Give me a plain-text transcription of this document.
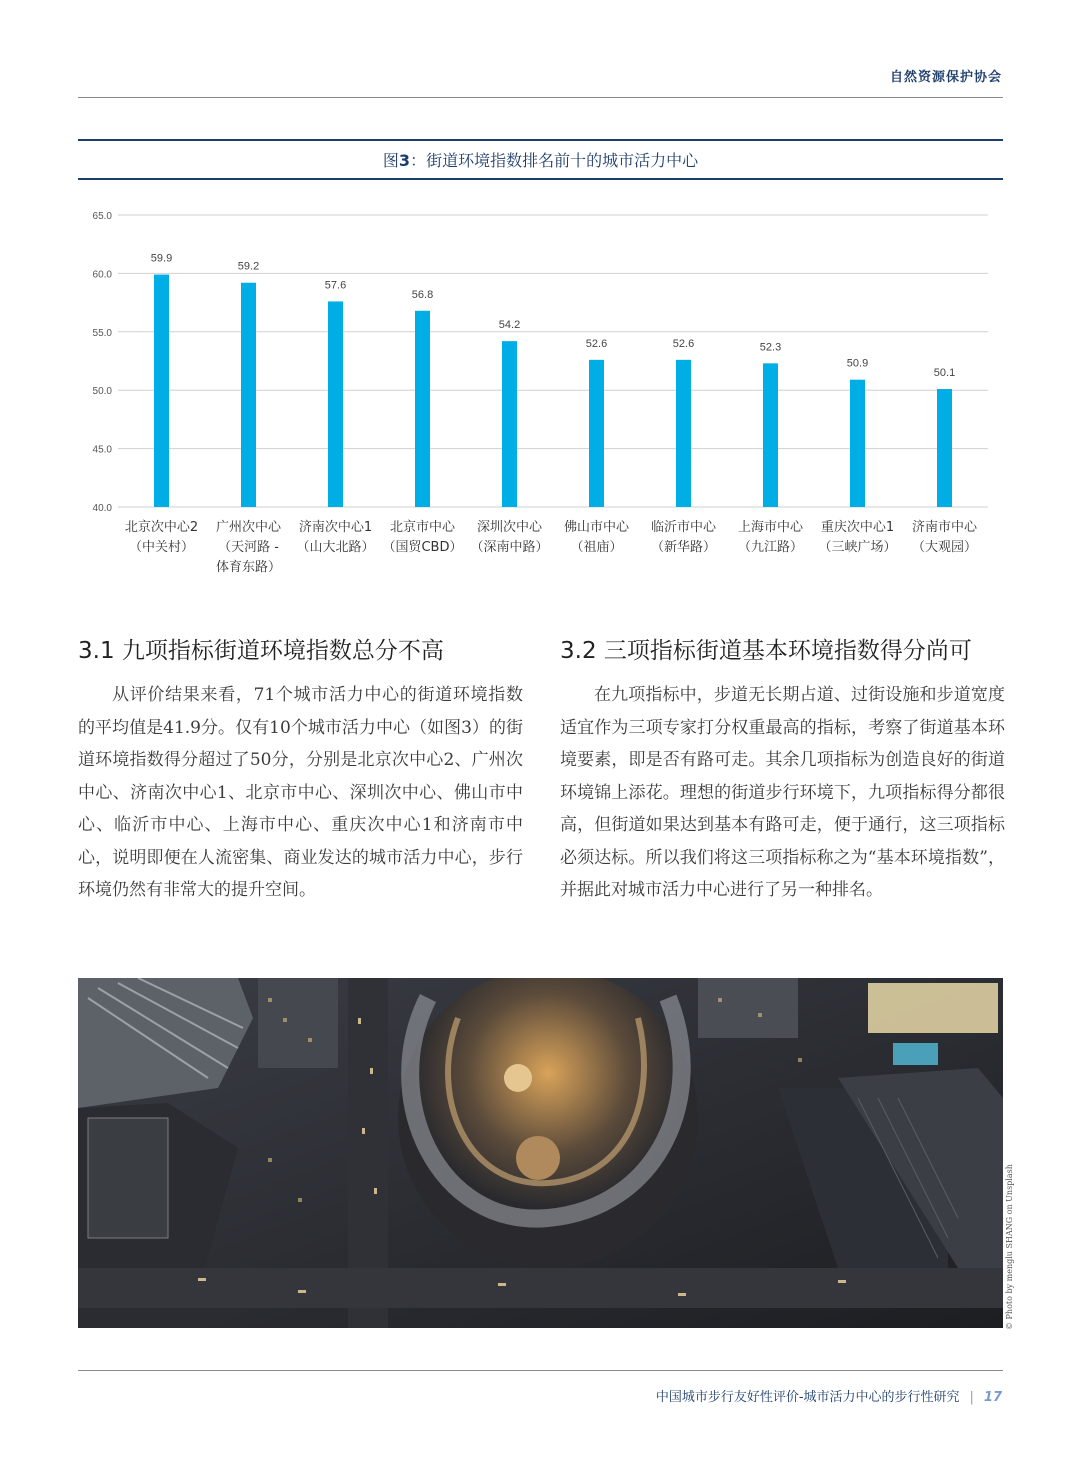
自然资源保护协会
图3：街道环境指数排名前十的城市活力中心
40.0
45.0
50.0
55.0
60.0
65.0
59.9
北京次中心2
（中关村）
59.2
广州次中心
（天河路 -
体育东路）
57.6
济南次中心1
（山大北路）
56.8
北京市中心
（国贸CBD）
54.2
深圳次中心
（深南中路）
52.6
佛山市中心
（祖庙）
52.6
临沂市中心
（新华路）
52.3
上海市中心
（九江路）
50.9
重庆次中心1
（三峡广场）
50.1
济南市中心
（大观园）
3.1 九项指标街道环境指数总分不高

从评价结果来看，71个城市活力中心的街道环境指数的平均值是41.9分。仅有10个城市活力中心（如图3）的街道环境指数得分超过了50分，分别是北京次中心2、广州次中心、济南次中心1、北京市中心、深圳次中心、佛山市中心、临沂市中心、上海市中心、重庆次中心1和济南市中心，说明即便在人流密集、商业发达的城市活力中心，步行环境仍然有非常大的提升空间。

3.2 三项指标街道基本环境指数得分尚可

在九项指标中，步道无长期占道、过街设施和步道宽度适宜作为三项专家打分权重最高的指标，考察了街道基本环境要素，即是否有路可走。其余几项指标为创造良好的街道环境锦上添花。理想的街道步行环境下，九项指标得分都很高，但街道如果达到基本有路可走，便于通行，这三项指标必须达标。所以我们将这三项指标称之为“基本环境指数”，并据此对城市活力中心进行了另一种排名。

© Photo by menglu SHANG on Unsplash
中国城市步行友好性评价-城市活力中心的步行性研究 | 17
